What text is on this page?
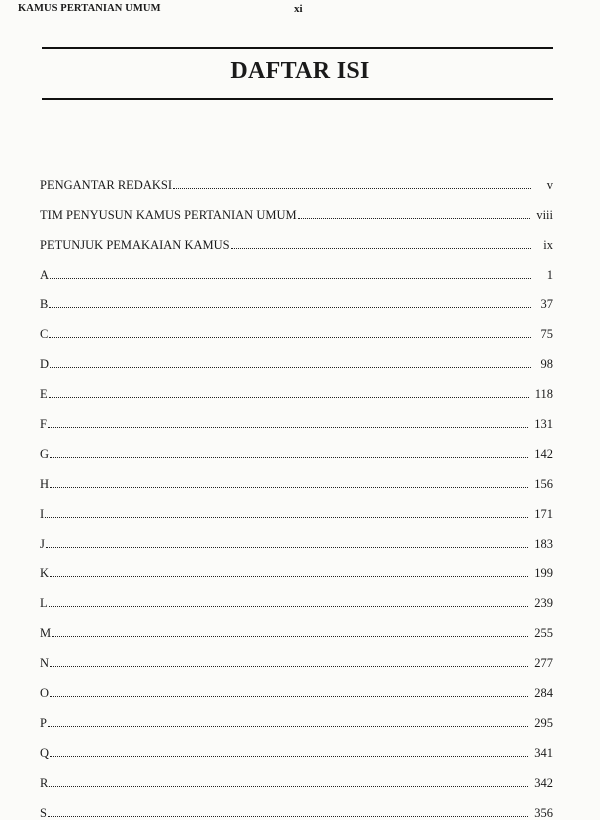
KAMUS PERTANIAN UMUM	xi
DAFTAR ISI
PENGANTAR REDAKSI	v
TIM PENYUSUN KAMUS PERTANIAN UMUM	viii
PETUNJUK PEMAKAIAN KAMUS	ix
A	1
B	37
C	75
D	98
E	118
F	131
G	142
H	156
I	171
J	183
K	199
L	239
M	255
N	277
O	284
P	295
Q	341
R	342
S	356
